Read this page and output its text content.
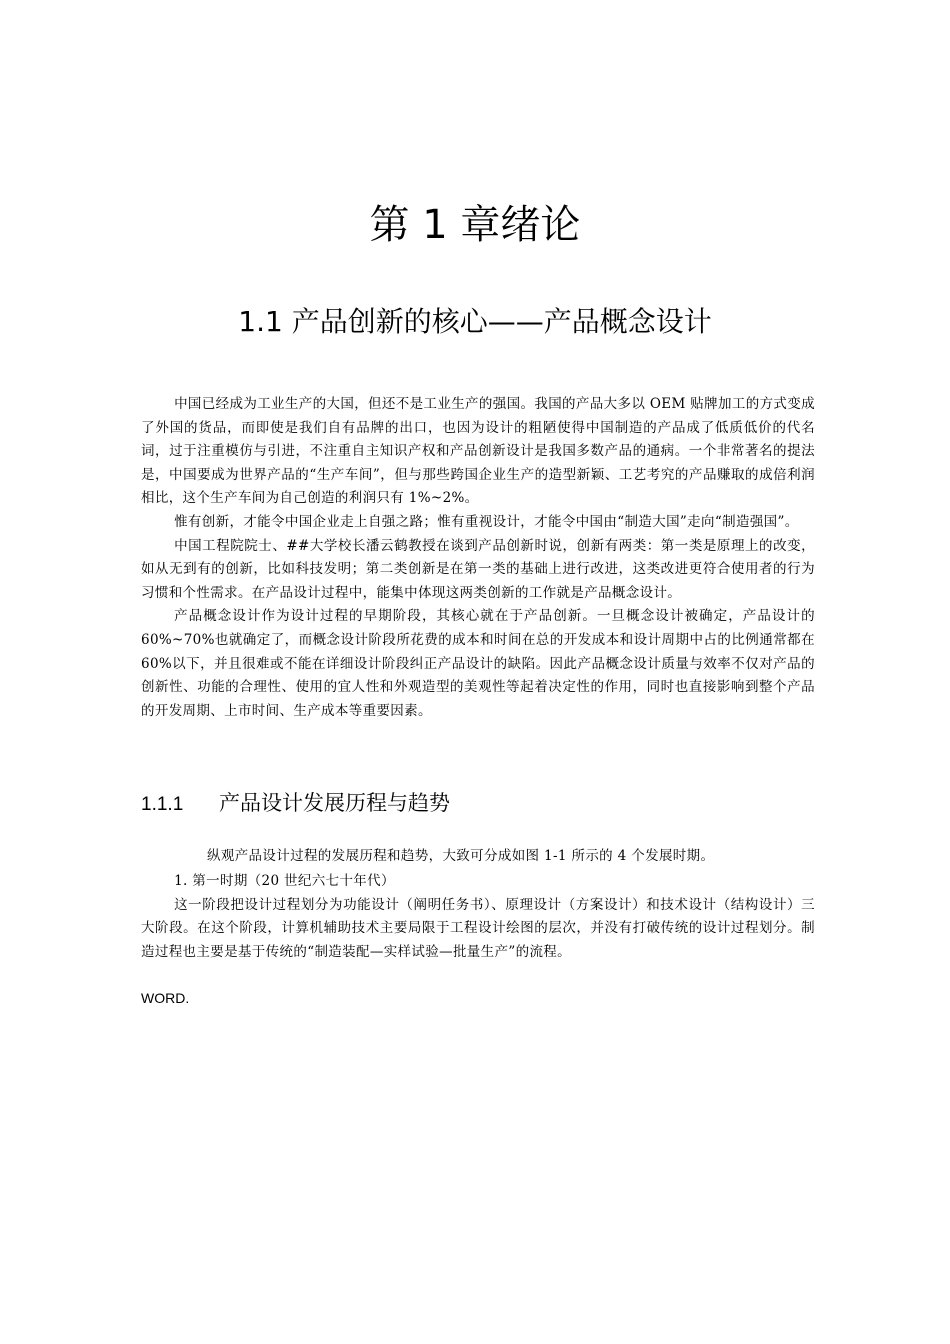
第 1 章绪论
1.1 产品创新的核心——产品概念设计

中国已经成为工业生产的大国，但还不是工业生产的强国。我国的产品大多以 OEM 贴牌加工的方式变成了外国的货品，而即使是我们自有品牌的出口，也因为设计的粗陋使得中国制造的产品成了低质低价的代名词，过于注重模仿与引进，不注重自主知识产权和产品创新设计是我国多数产品的通病。一个非常著名的提法是，中国要成为世界产品的“生产车间”，但与那些跨国企业生产的造型新颖、工艺考究的产品赚取的成倍利润相比，这个生产车间为自己创造的利润只有 1%~2%。

惟有创新，才能令中国企业走上自强之路；惟有重视设计，才能令中国由“制造大国”走向“制造强国”。

中国工程院院士、##大学校长潘云鹤教授在谈到产品创新时说，创新有两类：第一类是原理上的改变，如从无到有的创新，比如科技发明；第二类创新是在第一类的基础上进行改进，这类改进更符合使用者的行为习惯和个性需求。在产品设计过程中，能集中体现这两类创新的工作就是产品概念设计。

产品概念设计作为设计过程的早期阶段，其核心就在于产品创新。一旦概念设计被确定，产品设计的 60%~70%也就确定了，而概念设计阶段所花费的成本和时间在总的开发成本和设计周期中占的比例通常都在 60%以下，并且很难或不能在详细设计阶段纠正产品设计的缺陷。因此产品概念设计质量与效率不仅对产品的创新性、功能的合理性、使用的宜人性和外观造型的美观性等起着决定性的作用，同时也直接影响到整个产品的开发周期、上市时间、生产成本等重要因素。

1.1.1 产品设计发展历程与趋势

纵观产品设计过程的发展历程和趋势，大致可分成如图 1-1 所示的 4 个发展时期。

1. 第一时期（20 世纪六七十年代）

这一阶段把设计过程划分为功能设计（阐明任务书）、原理设计（方案设计）和技术设计（结构设计）三大阶段。在这个阶段，计算机辅助技术主要局限于工程设计绘图的层次，并没有打破传统的设计过程划分。制造过程也主要是基于传统的“制造装配—实样试验—批量生产”的流程。

WORD.
